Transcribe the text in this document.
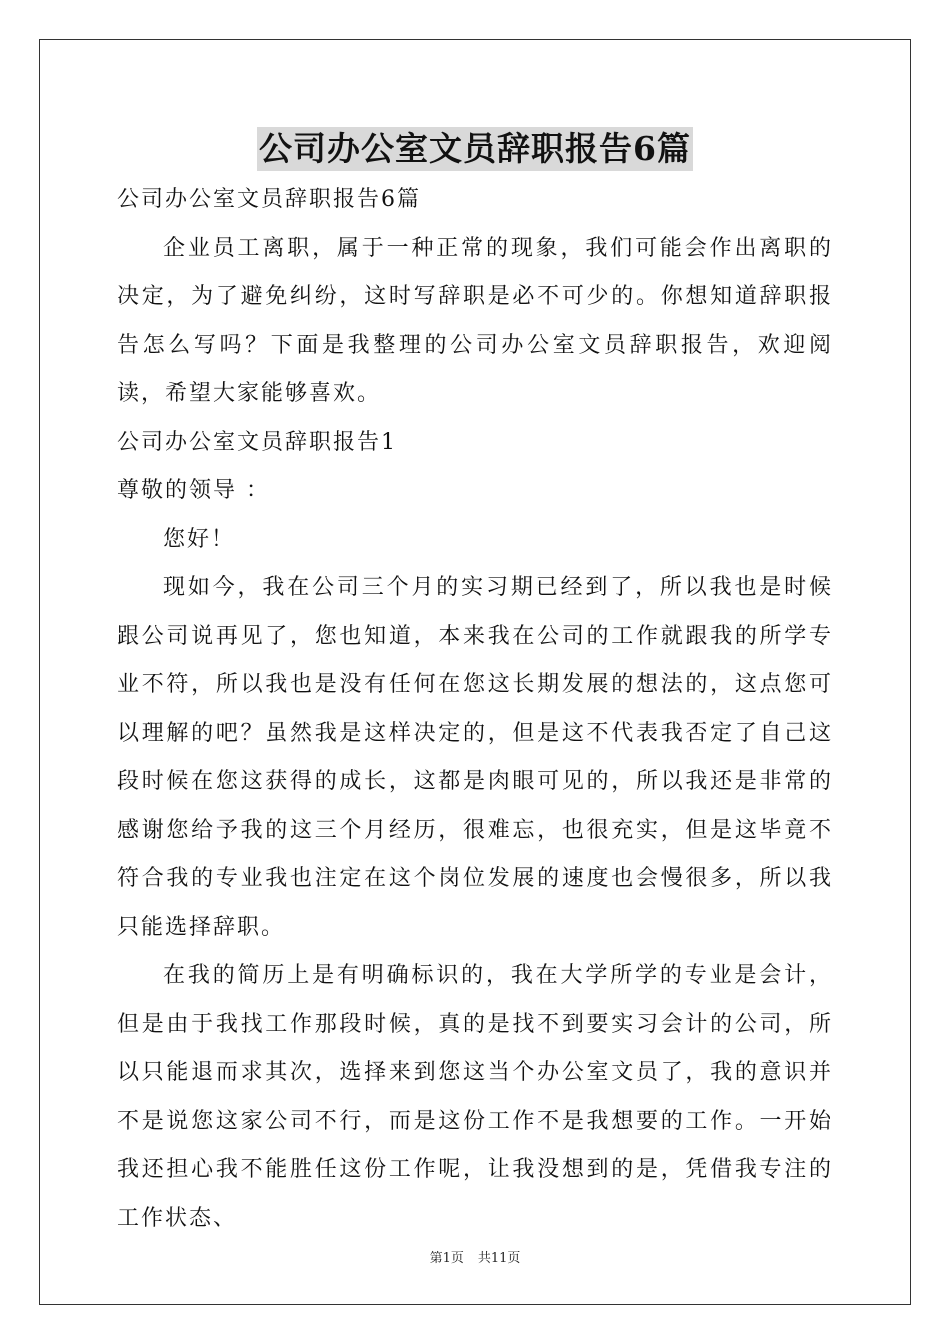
公司办公室文员辞职报告6篇

公司办公室文员辞职报告6篇

企业员工离职，属于一种正常的现象，我们可能会作出离职的决定，为了避免纠纷，这时写辞职是必不可少的。你想知道辞职报告怎么写吗？下面是我整理的公司办公室文员辞职报告，欢迎阅读，希望大家能够喜欢。

公司办公室文员辞职报告1

尊敬的领导 ：

您好！

现如今，我在公司三个月的实习期已经到了，所以我也是时候跟公司说再见了，您也知道，本来我在公司的工作就跟我的所学专业不符，所以我也是没有任何在您这长期发展的想法的，这点您可以理解的吧？虽然我是这样决定的，但是这不代表我否定了自己这段时候在您这获得的成长，这都是肉眼可见的，所以我还是非常的感谢您给予我的这三个月经历，很难忘，也很充实，但是这毕竟不符合我的专业我也注定在这个岗位发展的速度也会慢很多，所以我只能选择辞职。

在我的简历上是有明确标识的，我在大学所学的专业是会计，但是由于我找工作那段时候，真的是找不到要实习会计的公司，所以只能退而求其次，选择来到您这当个办公室文员了，我的意识并不是说您这家公司不行，而是这份工作不是我想要的工作。一开始我还担心我不能胜任这份工作呢，让我没想到的是，凭借我专注的工作状态、

第1页 共11页
